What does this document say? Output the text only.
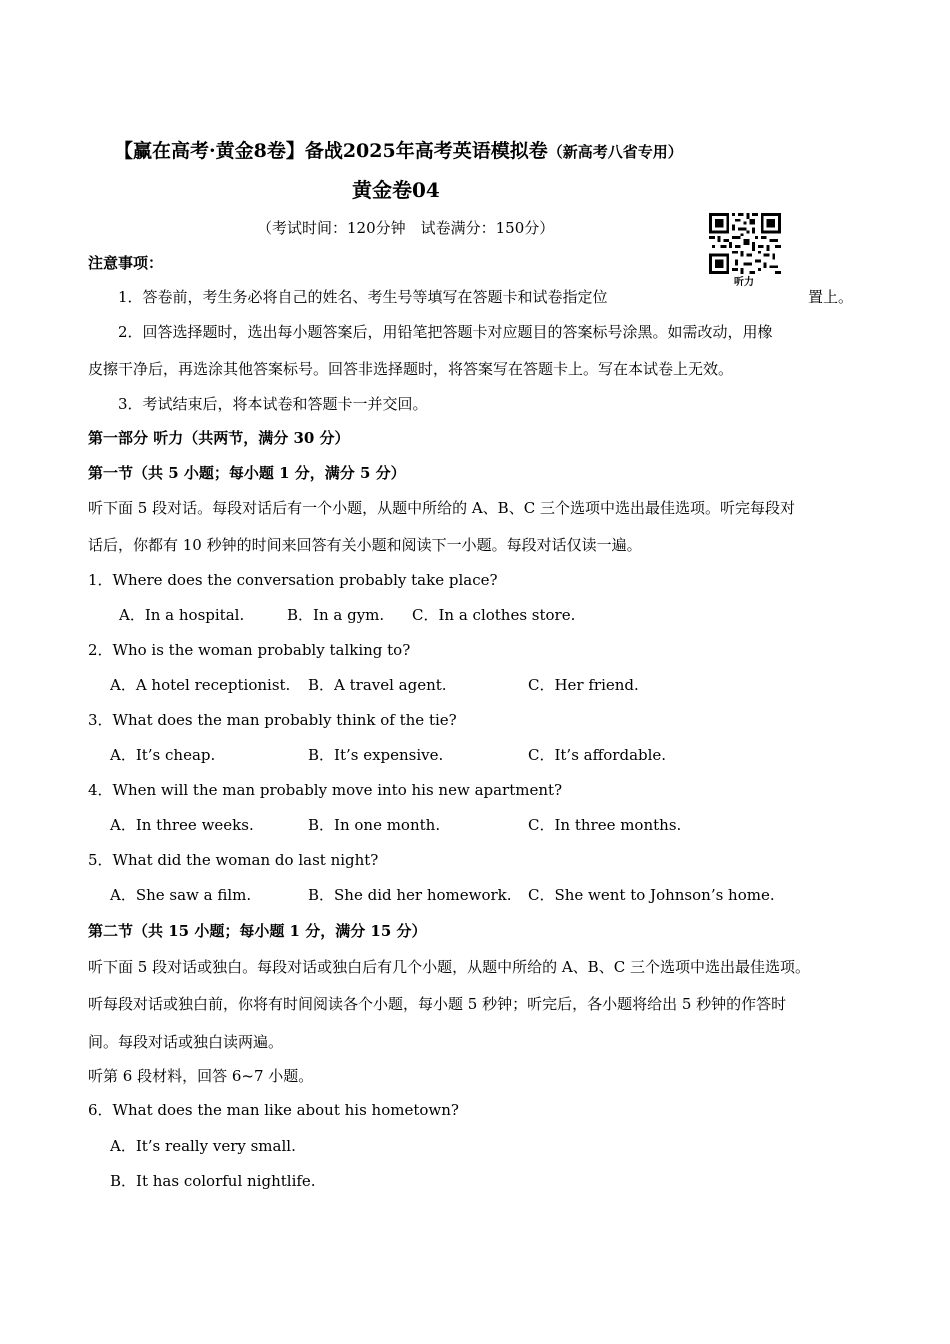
【赢在高考·黄金8卷】备战2025年高考英语模拟卷（新高考八省专用）
黄金卷04
（考试时间：120分钟　试卷满分：150分）
听力
注意事项：
1．答卷前，考生务必将自己的姓名、考生号等填写在答题卡和试卷指定位	置上。
2．回答选择题时，选出每小题答案后，用铅笔把答题卡对应题目的答案标号涂黑。如需改动，用橡
皮擦干净后，再选涂其他答案标号。回答非选择题时，将答案写在答题卡上。写在本试卷上无效。
3．考试结束后，将本试卷和答题卡一并交回。
第一部分 听力（共两节，满分 30 分）
第一节（共 5 小题；每小题 1 分，满分 5 分）
听下面 5 段对话。每段对话后有一个小题，从题中所给的 A、B、C 三个选项中选出最佳选项。听完每段对
话后，你都有 10 秒钟的时间来回答有关小题和阅读下一小题。每段对话仅读一遍。
1．Where does the conversation probably take place?
A．In a hospital.	B．In a gym. C．In a clothes store.
2．Who is the woman probably talking to?
A．A hotel receptionist. B．A travel agent.	C．Her friend.
3．What does the man probably think of the tie?
A．It’s cheap.	B．It’s expensive.	C．It’s affordable.
4．When will the man probably move into his new apartment?
A．In three weeks.	B．In one month.	C．In three months.
5．What did the woman do last night?
A．She saw a film.	B．She did her homework. C．She went to Johnson’s home.
第二节（共 15 小题；每小题 1 分，满分 15 分）
听下面 5 段对话或独白。每段对话或独白后有几个小题，从题中所给的 A、B、C 三个选项中选出最佳选项。
听每段对话或独白前，你将有时间阅读各个小题，每小题 5 秒钟；听完后，各小题将给出 5 秒钟的作答时
间。每段对话或独白读两遍。
听第 6 段材料，回答 6~7 小题。
6．What does the man like about his hometown?
A．It’s really very small.
B．It has colorful nightlife.
